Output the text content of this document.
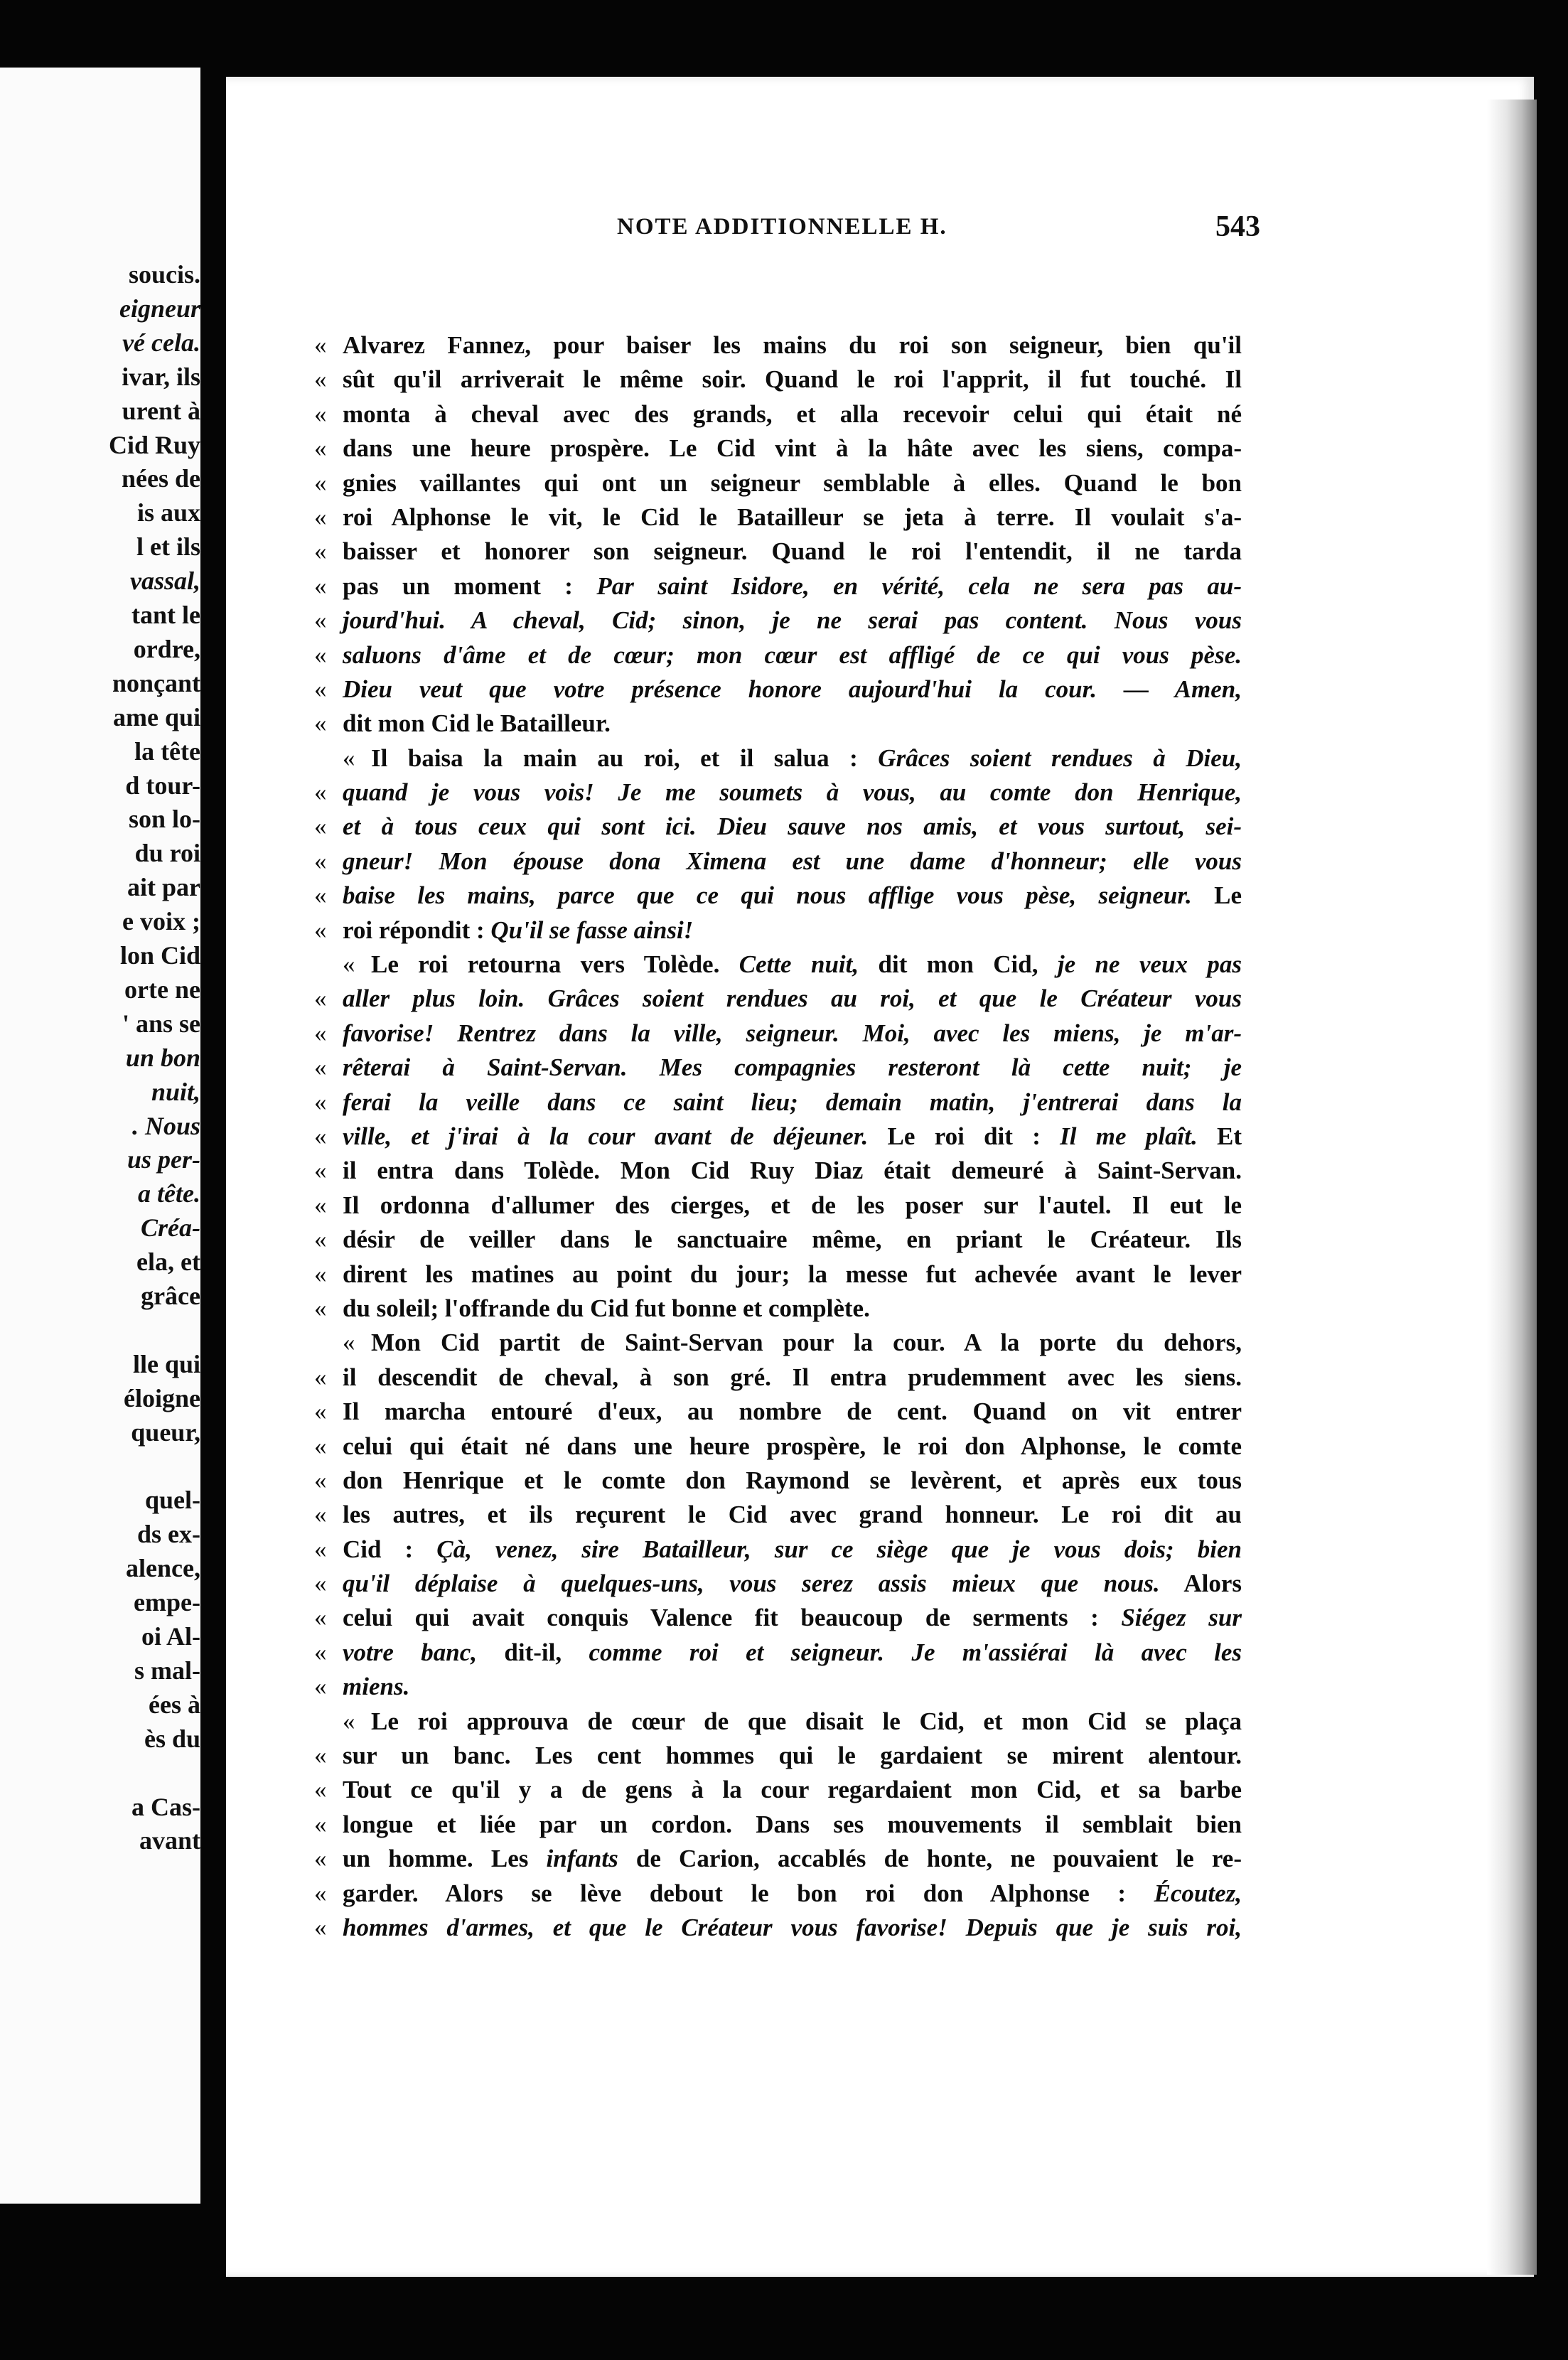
soucis.
eigneur
vé cela.
ivar, ils
urent à
Cid Ruy
nées de
is aux
l et ils
vassal,
tant le
ordre,
nonçant
ame qui
la tête
d tour-
son lo-
du roi
ait par
e voix ;
lon Cid
orte ne
' ans se
un bon
nuit,
. Nous
us per-
a tête.
Créa-
ela, et
grâce
lle qui
éloigne
queur,
quel-
ds ex-
alence,
empe-
oi Al-
s mal-
ées à
ès du
a Cas-
avant
NOTE ADDITIONNELLE H.	543
« Alvarez Fannez, pour baiser les mains du roi son seigneur, bien qu'il
« sût qu'il arriverait le même soir. Quand le roi l'apprit, il fut touché. Il
« monta à cheval avec des grands, et alla recevoir celui qui était né
« dans une heure prospère. Le Cid vint à la hâte avec les siens, compa-
« gnies vaillantes qui ont un seigneur semblable à elles. Quand le bon
« roi Alphonse le vit, le Cid le Batailleur se jeta à terre. Il voulait s'a-
« baisser et honorer son seigneur. Quand le roi l'entendit, il ne tarda
« pas un moment : Par saint Isidore, en vérité, cela ne sera pas au-
« jourd'hui. A cheval, Cid; sinon, je ne serai pas content. Nous vous
« saluons d'âme et de cœur; mon cœur est affligé de ce qui vous pèse.
« Dieu veut que votre présence honore aujourd'hui la cour. — Amen,
« dit mon Cid le Batailleur.
« Il baisa la main au roi, et il salua : Grâces soient rendues à Dieu,
« quand je vous vois! Je me soumets à vous, au comte don Henrique,
« et à tous ceux qui sont ici. Dieu sauve nos amis, et vous surtout, sei-
« gneur! Mon épouse dona Ximena est une dame d'honneur; elle vous
« baise les mains, parce que ce qui nous afflige vous pèse, seigneur. Le
« roi répondit : Qu'il se fasse ainsi!
« Le roi retourna vers Tolède. Cette nuit, dit mon Cid, je ne veux pas
« aller plus loin. Grâces soient rendues au roi, et que le Créateur vous
« favorise! Rentrez dans la ville, seigneur. Moi, avec les miens, je m'ar-
« rêterai à Saint-Servan. Mes compagnies resteront là cette nuit; je
« ferai la veille dans ce saint lieu; demain matin, j'entrerai dans la
« ville, et j'irai à la cour avant de déjeuner. Le roi dit : Il me plaît. Et
« il entra dans Tolède. Mon Cid Ruy Diaz était demeuré à Saint-Servan.
« Il ordonna d'allumer des cierges, et de les poser sur l'autel. Il eut le
« désir de veiller dans le sanctuaire même, en priant le Créateur. Ils
« dirent les matines au point du jour; la messe fut achevée avant le lever
« du soleil; l'offrande du Cid fut bonne et complète.
« Mon Cid partit de Saint-Servan pour la cour. A la porte du dehors,
« il descendit de cheval, à son gré. Il entra prudemment avec les siens.
« Il marcha entouré d'eux, au nombre de cent. Quand on vit entrer
« celui qui était né dans une heure prospère, le roi don Alphonse, le comte
« don Henrique et le comte don Raymond se levèrent, et après eux tous
« les autres, et ils reçurent le Cid avec grand honneur. Le roi dit au
« Cid : Çà, venez, sire Batailleur, sur ce siège que je vous dois; bien
« qu'il déplaise à quelques-uns, vous serez assis mieux que nous. Alors
« celui qui avait conquis Valence fit beaucoup de serments : Siégez sur
« votre banc, dit-il, comme roi et seigneur. Je m'assiérai là avec les
« miens.
« Le roi approuva de cœur de que disait le Cid, et mon Cid se plaça
« sur un banc. Les cent hommes qui le gardaient se mirent alentour.
« Tout ce qu'il y a de gens à la cour regardaient mon Cid, et sa barbe
« longue et liée par un cordon. Dans ses mouvements il semblait bien
« un homme. Les infants de Carion, accablés de honte, ne pouvaient le re-
« garder. Alors se lève debout le bon roi don Alphonse : Écoutez,
« hommes d'armes, et que le Créateur vous favorise! Depuis que je suis roi,
